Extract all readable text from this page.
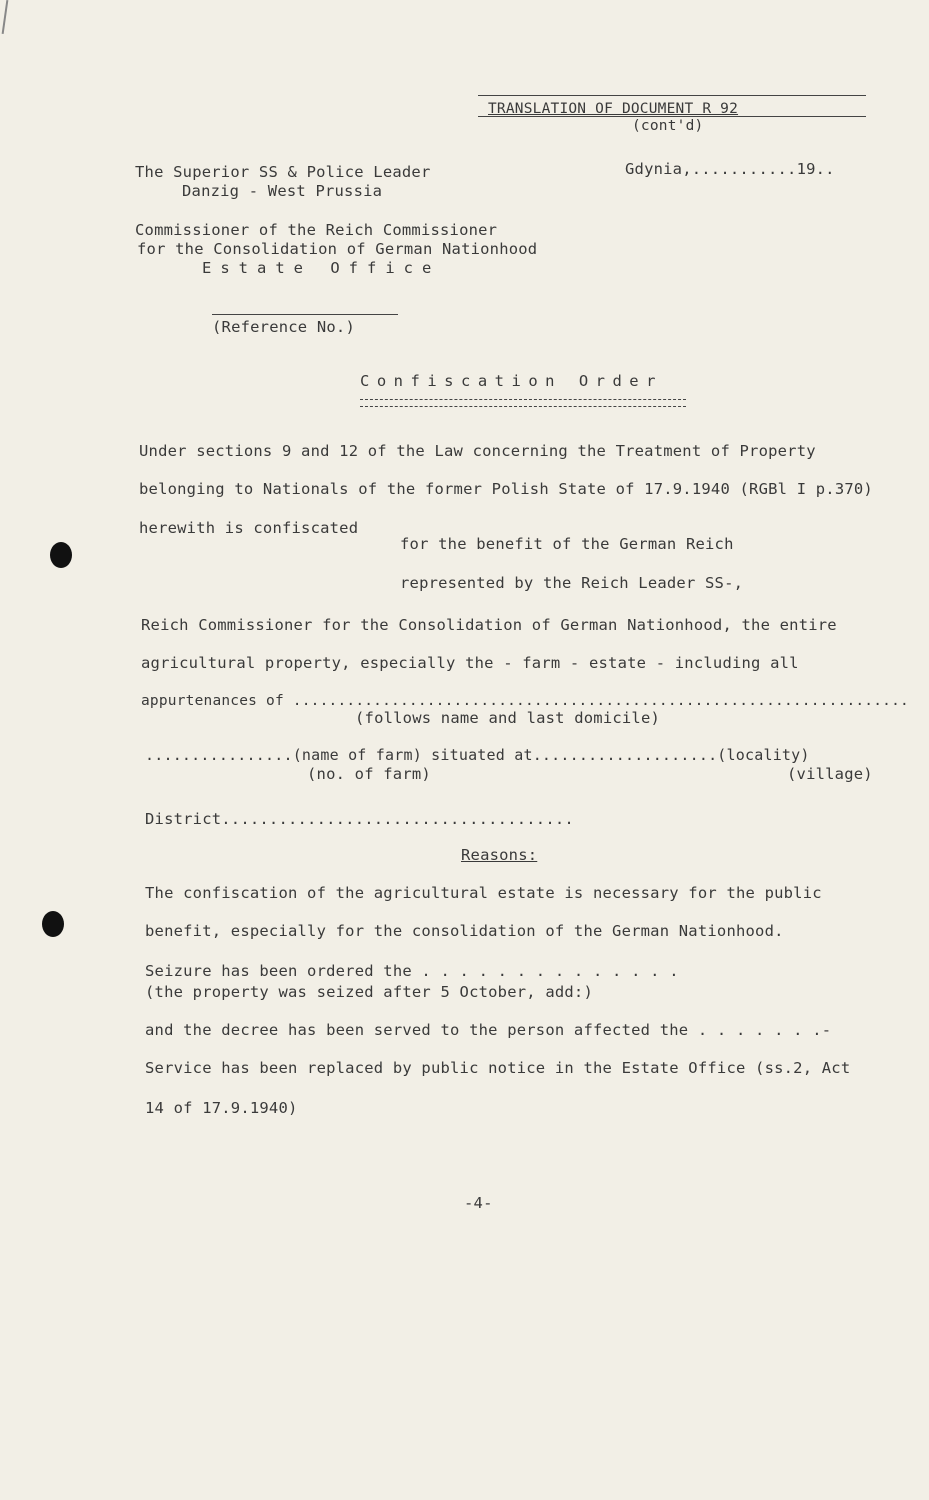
TRANSLATION OF DOCUMENT R 92
(cont'd)
The Superior SS & Police Leader
Danzig - West Prussia
Gdynia,...........19..
Commissioner of the Reich Commissioner
for the Consolidation of German Nationhood
Estate Office
(Reference No.)
Confiscation Order
Under sections 9 and 12 of the Law concerning the Treatment of Property
belonging to Nationals of the former Polish State of 17.9.1940 (RGBl I p.370)
herewith is confiscated
for the benefit of the German Reich
represented by the Reich Leader SS-,
Reich Commissioner for the Consolidation of German Nationhood, the entire
agricultural property, especially the - farm - estate - including all
appurtenances of .....................................................................
(follows name and last domicile)
................(name of farm) situated at....................(locality)
(no. of farm)	(village)
District.....................................
Reasons:
The confiscation of the agricultural estate is necessary for the public
benefit, especially for the consolidation of the German Nationhood.
Seizure has been ordered the . . . . . . . . . . . . . .
(the property was seized after 5 October, add:)
and the decree has been served to the person affected the . . . . . . .-
Service has been replaced by public notice in the Estate Office (ss.2, Act
14 of 17.9.1940)
-4-
